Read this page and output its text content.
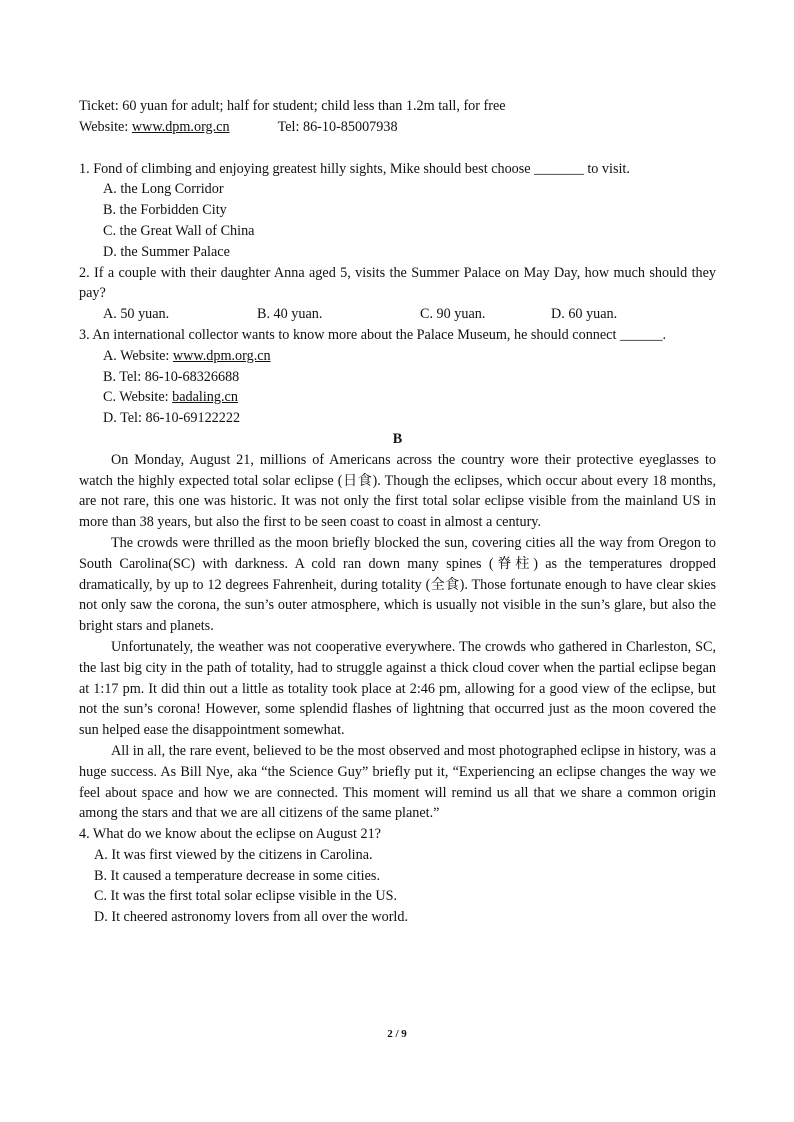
Ticket: 60 yuan for adult; half for student; child less than 1.2m tall, for free
Website: www.dpm.org.cn	Tel: 86-10-85007938
1. Fond of climbing and enjoying greatest hilly sights, Mike should best choose _______ to visit.
A. the Long Corridor
B. the Forbidden City
C. the Great Wall of China
D. the Summer Palace
2. If a couple with their daughter Anna aged 5, visits the Summer Palace on May Day, how much should they pay?
A. 50 yuan.	B. 40 yuan.	C. 90 yuan.	D. 60 yuan.
3. An international collector wants to know more about the Palace Museum, he should connect ______.
A. Website: www.dpm.org.cn
B. Tel: 86-10-68326688
C. Website: badaling.cn
D. Tel: 86-10-69122222
B
On Monday, August 21, millions of Americans across the country wore their protective eyeglasses to watch the highly expected total solar eclipse (日食). Though the eclipses, which occur about every 18 months, are not rare, this one was historic. It was not only the first total solar eclipse visible from the mainland US in more than 38 years, but also the first to be seen coast to coast in almost a century.
The crowds were thrilled as the moon briefly blocked the sun, covering cities all the way from Oregon to South Carolina(SC) with darkness. A cold ran down many spines (脊柱) as the temperatures dropped dramatically, by up to 12 degrees Fahrenheit, during totality (全食). Those fortunate enough to have clear skies not only saw the corona, the sun’s outer atmosphere, which is usually not visible in the sun’s glare, but also the bright stars and planets.
Unfortunately, the weather was not cooperative everywhere. The crowds who gathered in Charleston, SC, the last big city in the path of totality, had to struggle against a thick cloud cover when the partial eclipse began at 1:17 pm. It did thin out a little as totality took place at 2:46 pm, allowing for a good view of the eclipse, but not the sun’s corona! However, some splendid flashes of lightning that occurred just as the moon covered the sun helped ease the disappointment somewhat.
All in all, the rare event, believed to be the most observed and most photographed eclipse in history, was a huge success. As Bill Nye, aka “the Science Guy” briefly put it, “Experiencing an eclipse changes the way we feel about space and how we are connected. This moment will remind us all that we share a common origin among the stars and that we are all citizens of the same planet.”
4. What do we know about the eclipse on August 21?
A. It was first viewed by the citizens in Carolina.
B. It caused a temperature decrease in some cities.
C. It was the first total solar eclipse visible in the US.
D. It cheered astronomy lovers from all over the world.
2 / 9
